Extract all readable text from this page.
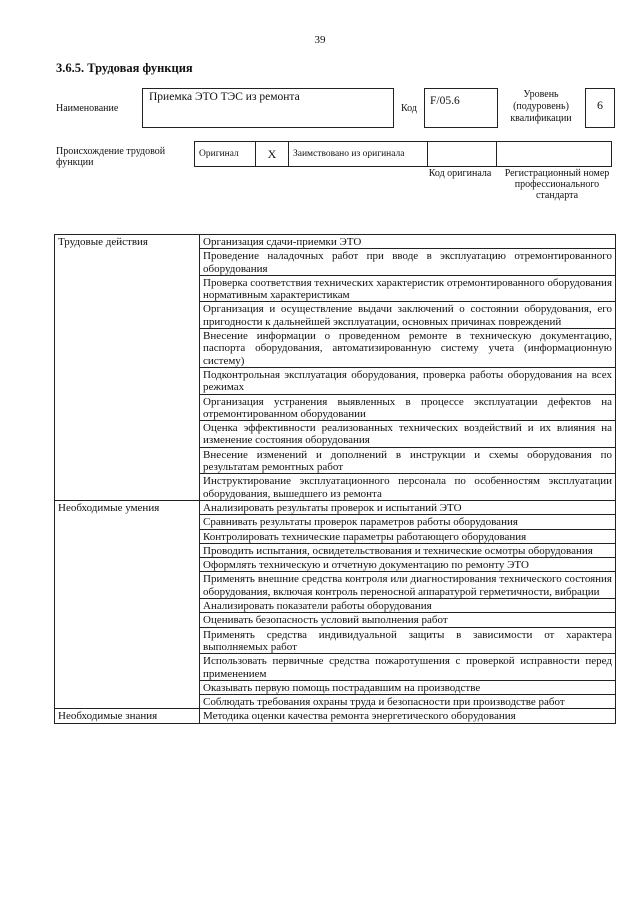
39
3.6.5. Трудовая функция
Наименование
Приемка ЭТО ТЭС из ремонта
Код
F/05.6
Уровень (подуровень) квалификации
6
Происхождение трудовой функции
Оригинал	X	Заимствовано из оригинала		
Код оригинала	Регистрационный номер профессионального стандарта
Трудовые действия	Организация сдачи-приемки ЭТО
	Проведение наладочных работ при вводе в эксплуатацию отремонтированного оборудования
	Проверка соответствия технических характеристик отремонтированного оборудования нормативным характеристикам
	Организация и осуществление выдачи заключений о состоянии оборудования, его пригодности к дальнейшей эксплуатации, основных причинах повреждений
	Внесение информации о проведенном ремонте в техническую документацию, паспорта оборудования, автоматизированную систему учета (информационную систему)
	Подконтрольная эксплуатация оборудования, проверка работы оборудования на всех режимах
	Организация устранения выявленных в процессе эксплуатации дефектов на отремонтированном оборудовании
	Оценка эффективности реализованных технических воздействий и их влияния на изменение состояния оборудования
	Внесение изменений и дополнений в инструкции и схемы оборудования по результатам ремонтных работ
	Инструктирование эксплуатационного персонала по особенностям эксплуатации оборудования, вышедшего из ремонта
Необходимые умения	Анализировать результаты проверок и испытаний ЭТО
	Сравнивать результаты проверок параметров работы оборудования
	Контролировать технические параметры работающего оборудования
	Проводить испытания, освидетельствования и технические осмотры оборудования
	Оформлять техническую и отчетную документацию по ремонту ЭТО
	Применять внешние средства контроля или диагностирования технического состояния оборудования, включая контроль переносной аппаратурой герметичности, вибрации
	Анализировать показатели работы оборудования
	Оценивать безопасность условий выполнения работ
	Применять средства индивидуальной защиты в зависимости от характера выполняемых работ
	Использовать первичные средства пожаротушения с проверкой исправности перед применением
	Оказывать первую помощь пострадавшим на производстве
	Соблюдать требования охраны труда и безопасности при производстве работ
Необходимые знания	Методика оценки качества ремонта энергетического оборудования
